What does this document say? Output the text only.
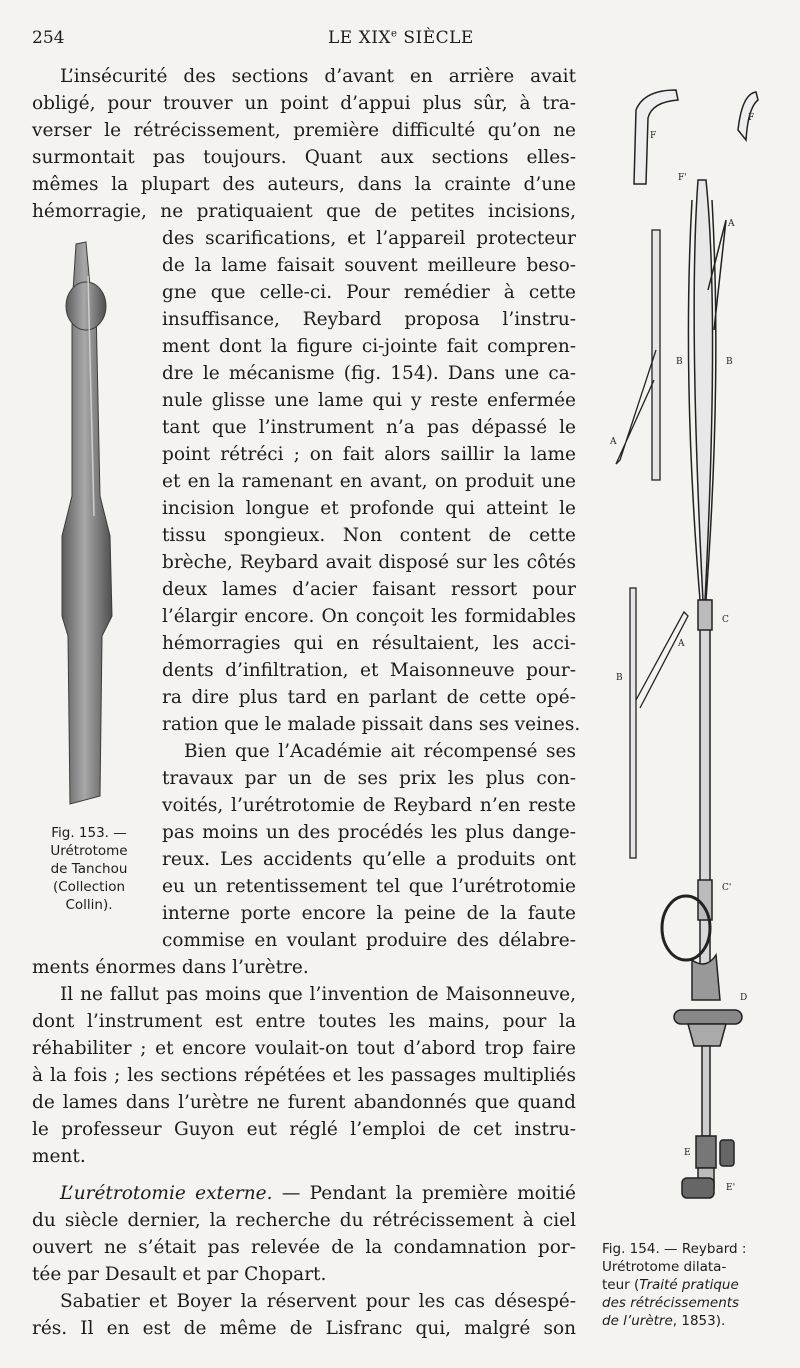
254	LE XIXe SIÈCLE
L’insécurité des sections d’avant en arrière avait
obligé, pour trouver un point d’appui plus sûr, à tra-
verser le rétrécissement, première difficulté qu’on ne
surmontait pas toujours. Quant aux sections elles-
mêmes la plupart des auteurs, dans la crainte d’une
hémorragie, ne pratiquaient que de petites incisions,
des scarifications, et l’appareil protecteur
de la lame faisait souvent meilleure beso-
gne que celle-ci. Pour remédier à cette
insuffisance, Reybard proposa l’instru-
ment dont la figure ci-jointe fait compren-
dre le mécanisme (fig. 154). Dans une ca-
nule glisse une lame qui y reste enfermée
tant que l’instrument n’a pas dépassé le
point rétréci ; on fait alors saillir la lame
et en la ramenant en avant, on produit une
incision longue et profonde qui atteint le
tissu spongieux. Non content de cette
brèche, Reybard avait disposé sur les côtés
deux lames d’acier faisant ressort pour
l’élargir encore. On conçoit les formidables
hémorragies qui en résultaient, les acci-
dents d’infiltration, et Maisonneuve pour-
ra dire plus tard en parlant de cette opé-
ration que le malade pissait dans ses veines.
Bien que l’Académie ait récompensé ses
travaux par un de ses prix les plus con-
voités, l’urétrotomie de Reybard n’en reste
pas moins un des procédés les plus dange-
reux. Les accidents qu’elle a produits ont
eu un retentissement tel que l’urétrotomie
interne porte encore la peine de la faute
commise en voulant produire des délabre-
ments énormes dans l’urètre.
Il ne fallut pas moins que l’invention de Maisonneuve,
dont l’instrument est entre toutes les mains, pour la
réhabiliter ; et encore voulait-on tout d’abord trop faire
à la fois ; les sections répétées et les passages multipliés
de lames dans l’urètre ne furent abandonnés que quand
le professeur Guyon eut réglé l’emploi de cet instru-
ment.
L’urétrotomie externe. — Pendant la première moitié
du siècle dernier, la recherche du rétrécissement à ciel
ouvert ne s’était pas relevée de la condamnation por-
tée par Desault et par Chopart.
Sabatier et Boyer la réservent pour les cas désespé-
rés. Il en est de même de Lisfranc qui, malgré son
Fig. 153. —
Urétrotome
de Tanchou
(Collection
Collin).
F
F
F'
A
A
A
B	B
B
C
C'
D
E
E'
Fig. 154. — Reybard :
Urétrotome dilata-
teur (Traité pratique
des rétrécissements
de l’urètre, 1853).
